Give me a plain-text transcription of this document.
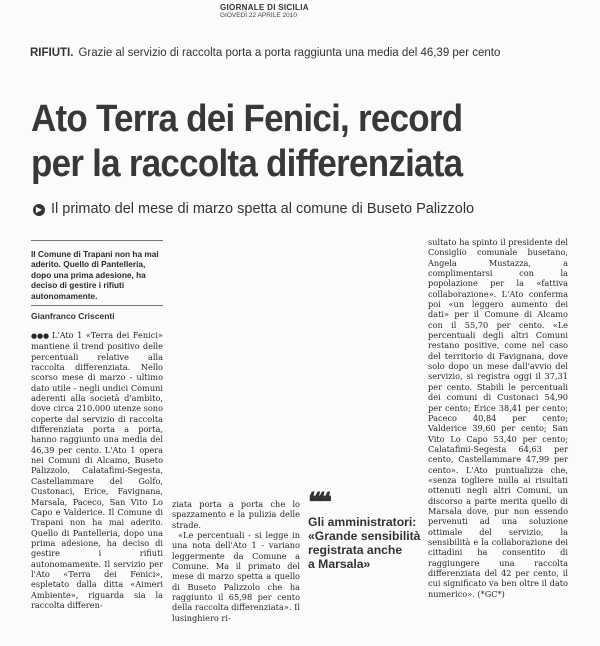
GIORNALE DI SICILIA
GIOVEDÌ 22 APRILE 2010
RIFIUTI. Grazie al servizio di raccolta porta a porta raggiunta una media del 46,39 per cento
Ato Terra dei Fenici, record
per la raccolta differenziata
▶ Il primato del mese di marzo spetta al comune di Buseto Palizzolo
Il Comune di Trapani non ha mai aderito. Quello di Pantelleria, dopo una prima adesione, ha deciso di gestire i rifiuti autonomamente.
Gianfranco Criscenti

●●● L'Ato 1 «Terra dei Fenici» mantiene il trend positivo delle percentuali relative alla raccolta differenziata. Nello scorso mese di marzo - ultimo dato utile - negli undici Comuni aderenti alla società d'ambito, dove circa 210.000 utenze sono coperte dal servizio di raccolta differenziata porta a porta, hanno raggiunto una media del 46,39 per cento. L'Ato 1 opera nei Comuni di Alcamo, Buseto Palizzolo, Calatafimi-Segesta, Castellammare del Golfo, Custonaci, Erice, Favignana, Marsala, Paceco, San Vito Lo Capo e Valderice. Il Comune di Trapani non ha mai aderito. Quello di Pantelleria, dopo una prima adesione, ha deciso di gestire i rifiuti autonomamente. Il servizio per l'Ato «Terra dei Fenici», espletato dalla ditta «Aimeri Ambiente», riguarda sia la raccolta differen-

ziata porta a porta che lo spazzamento e la pulizia delle strade.

«Le percentuali - si legge in una nota dell'Ato 1 - variano leggermente da Comune a Comune. Ma il primato del mese di marzo spetta a quello di Buseto Palizzolo che ha raggiunto il 65,98 per cento della raccolta differenziata». Il lusinghiero ri-

❝❝
Gli amministratori:
«Grande sensibilità
registrata anche
a Marsala»

sultato ha spinto il presidente del Consiglio comunale busetano, Angela Mustazza, a complimentarsi con la popolazione per la «fattiva collaborazione». L'Ato conferma poi «un leggero aumento dei dati» per il Comune di Alcamo con il 55,70 per cento. «Le percentuali degli altri Comuni restano positive, come nel caso del territorio di Favignana, dove solo dopo un mese dall'avvio del servizio, si registra oggi il 37,31 per cento. Stabili le percentuali dei comuni di Custonaci 54,90 per cento; Erice 38,41 per cento; Paceco 40,84 per cento; Valderice 39,60 per cento; San Vito Lo Capo 53,40 per cento; Calatafimi-Segesta 64,63 per cento, Castellammare 47,99 per cento». L'Ato puntualizza che, «senza togliere nulla ai risultati ottenuti negli altri Comuni, un discorso a parte merita quello di Marsala dove, pur non essendo pervenuti ad una soluzione ottimale del servizio, la sensibilità e la collaborazione dei cittadini ha consentito di raggiungere una raccolta differenziata del 42 per cento, il cui significato va ben oltre il dato numerico». (*GC*)
